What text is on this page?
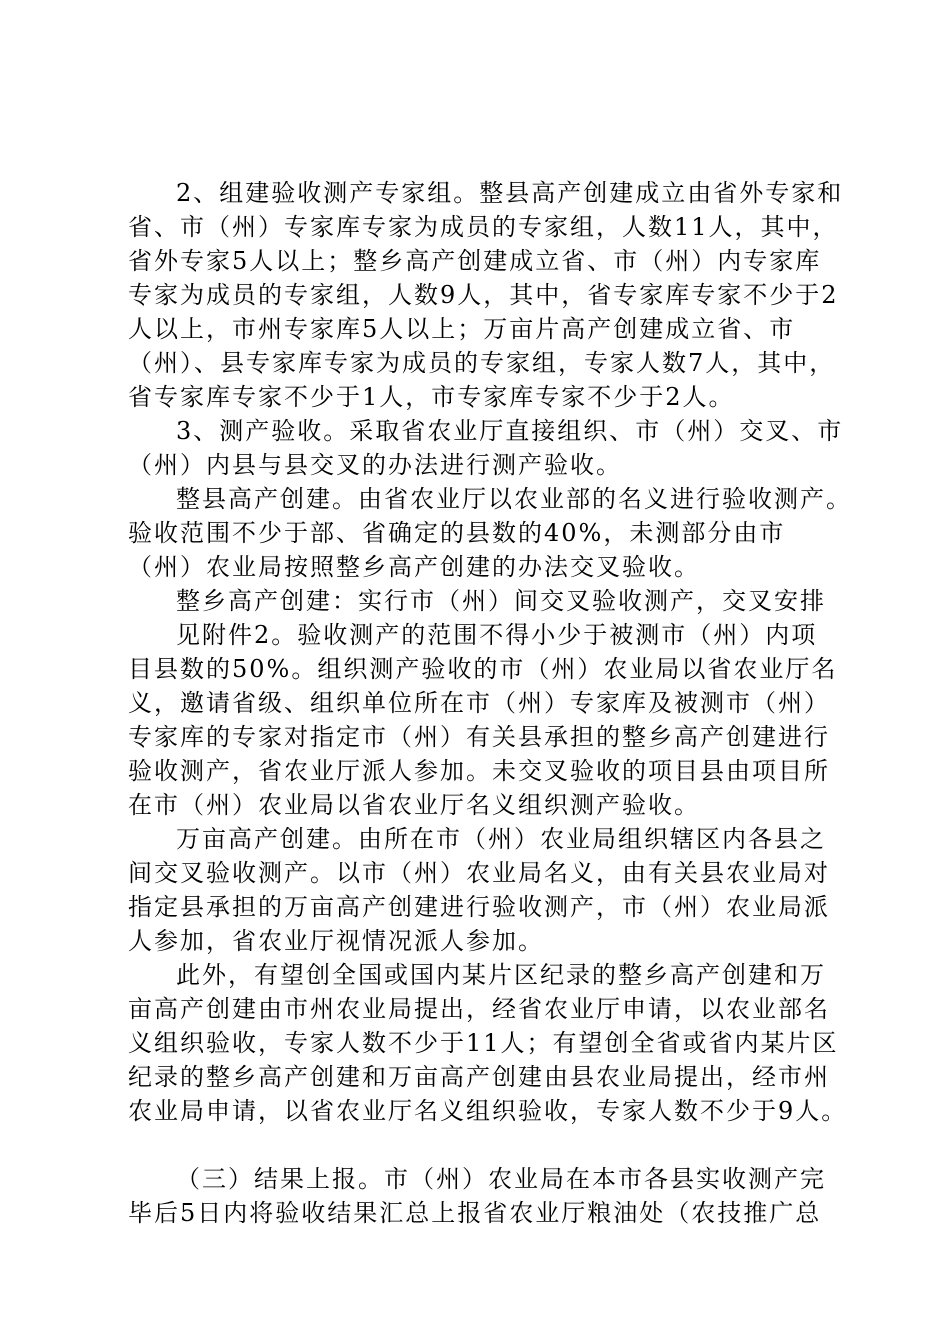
2、组建验收测产专家组。整县高产创建成立由省外专家和
省、市（州）专家库专家为成员的专家组，人数11人，其中，
省外专家5人以上；整乡高产创建成立省、市（州）内专家库
专家为成员的专家组，人数9人，其中，省专家库专家不少于2
人以上，市州专家库5人以上；万亩片高产创建成立省、市
（州）、县专家库专家为成员的专家组，专家人数7人，其中，
省专家库专家不少于1人，市专家库专家不少于2人。
3、测产验收。采取省农业厅直接组织、市（州）交叉、市
（州）内县与县交叉的办法进行测产验收。
整县高产创建。由省农业厅以农业部的名义进行验收测产。
验收范围不少于部、省确定的县数的40%，未测部分由市
（州）农业局按照整乡高产创建的办法交叉验收。
整乡高产创建：实行市（州）间交叉验收测产，交叉安排
见附件2。验收测产的范围不得小少于被测市（州）内项
目县数的50%。组织测产验收的市（州）农业局以省农业厅名
义，邀请省级、组织单位所在市（州）专家库及被测市（州）
专家库的专家对指定市（州）有关县承担的整乡高产创建进行
验收测产，省农业厅派人参加。未交叉验收的项目县由项目所
在市（州）农业局以省农业厅名义组织测产验收。
万亩高产创建。由所在市（州）农业局组织辖区内各县之
间交叉验收测产。以市（州）农业局名义，由有关县农业局对
指定县承担的万亩高产创建进行验收测产，市（州）农业局派
人参加，省农业厅视情况派人参加。
此外，有望创全国或国内某片区纪录的整乡高产创建和万
亩高产创建由市州农业局提出，经省农业厅申请，以农业部名
义组织验收，专家人数不少于11人；有望创全省或省内某片区
纪录的整乡高产创建和万亩高产创建由县农业局提出，经市州
农业局申请，以省农业厅名义组织验收，专家人数不少于9人。
（三）结果上报。市（州）农业局在本市各县实收测产完
毕后5日内将验收结果汇总上报省农业厅粮油处（农技推广总
